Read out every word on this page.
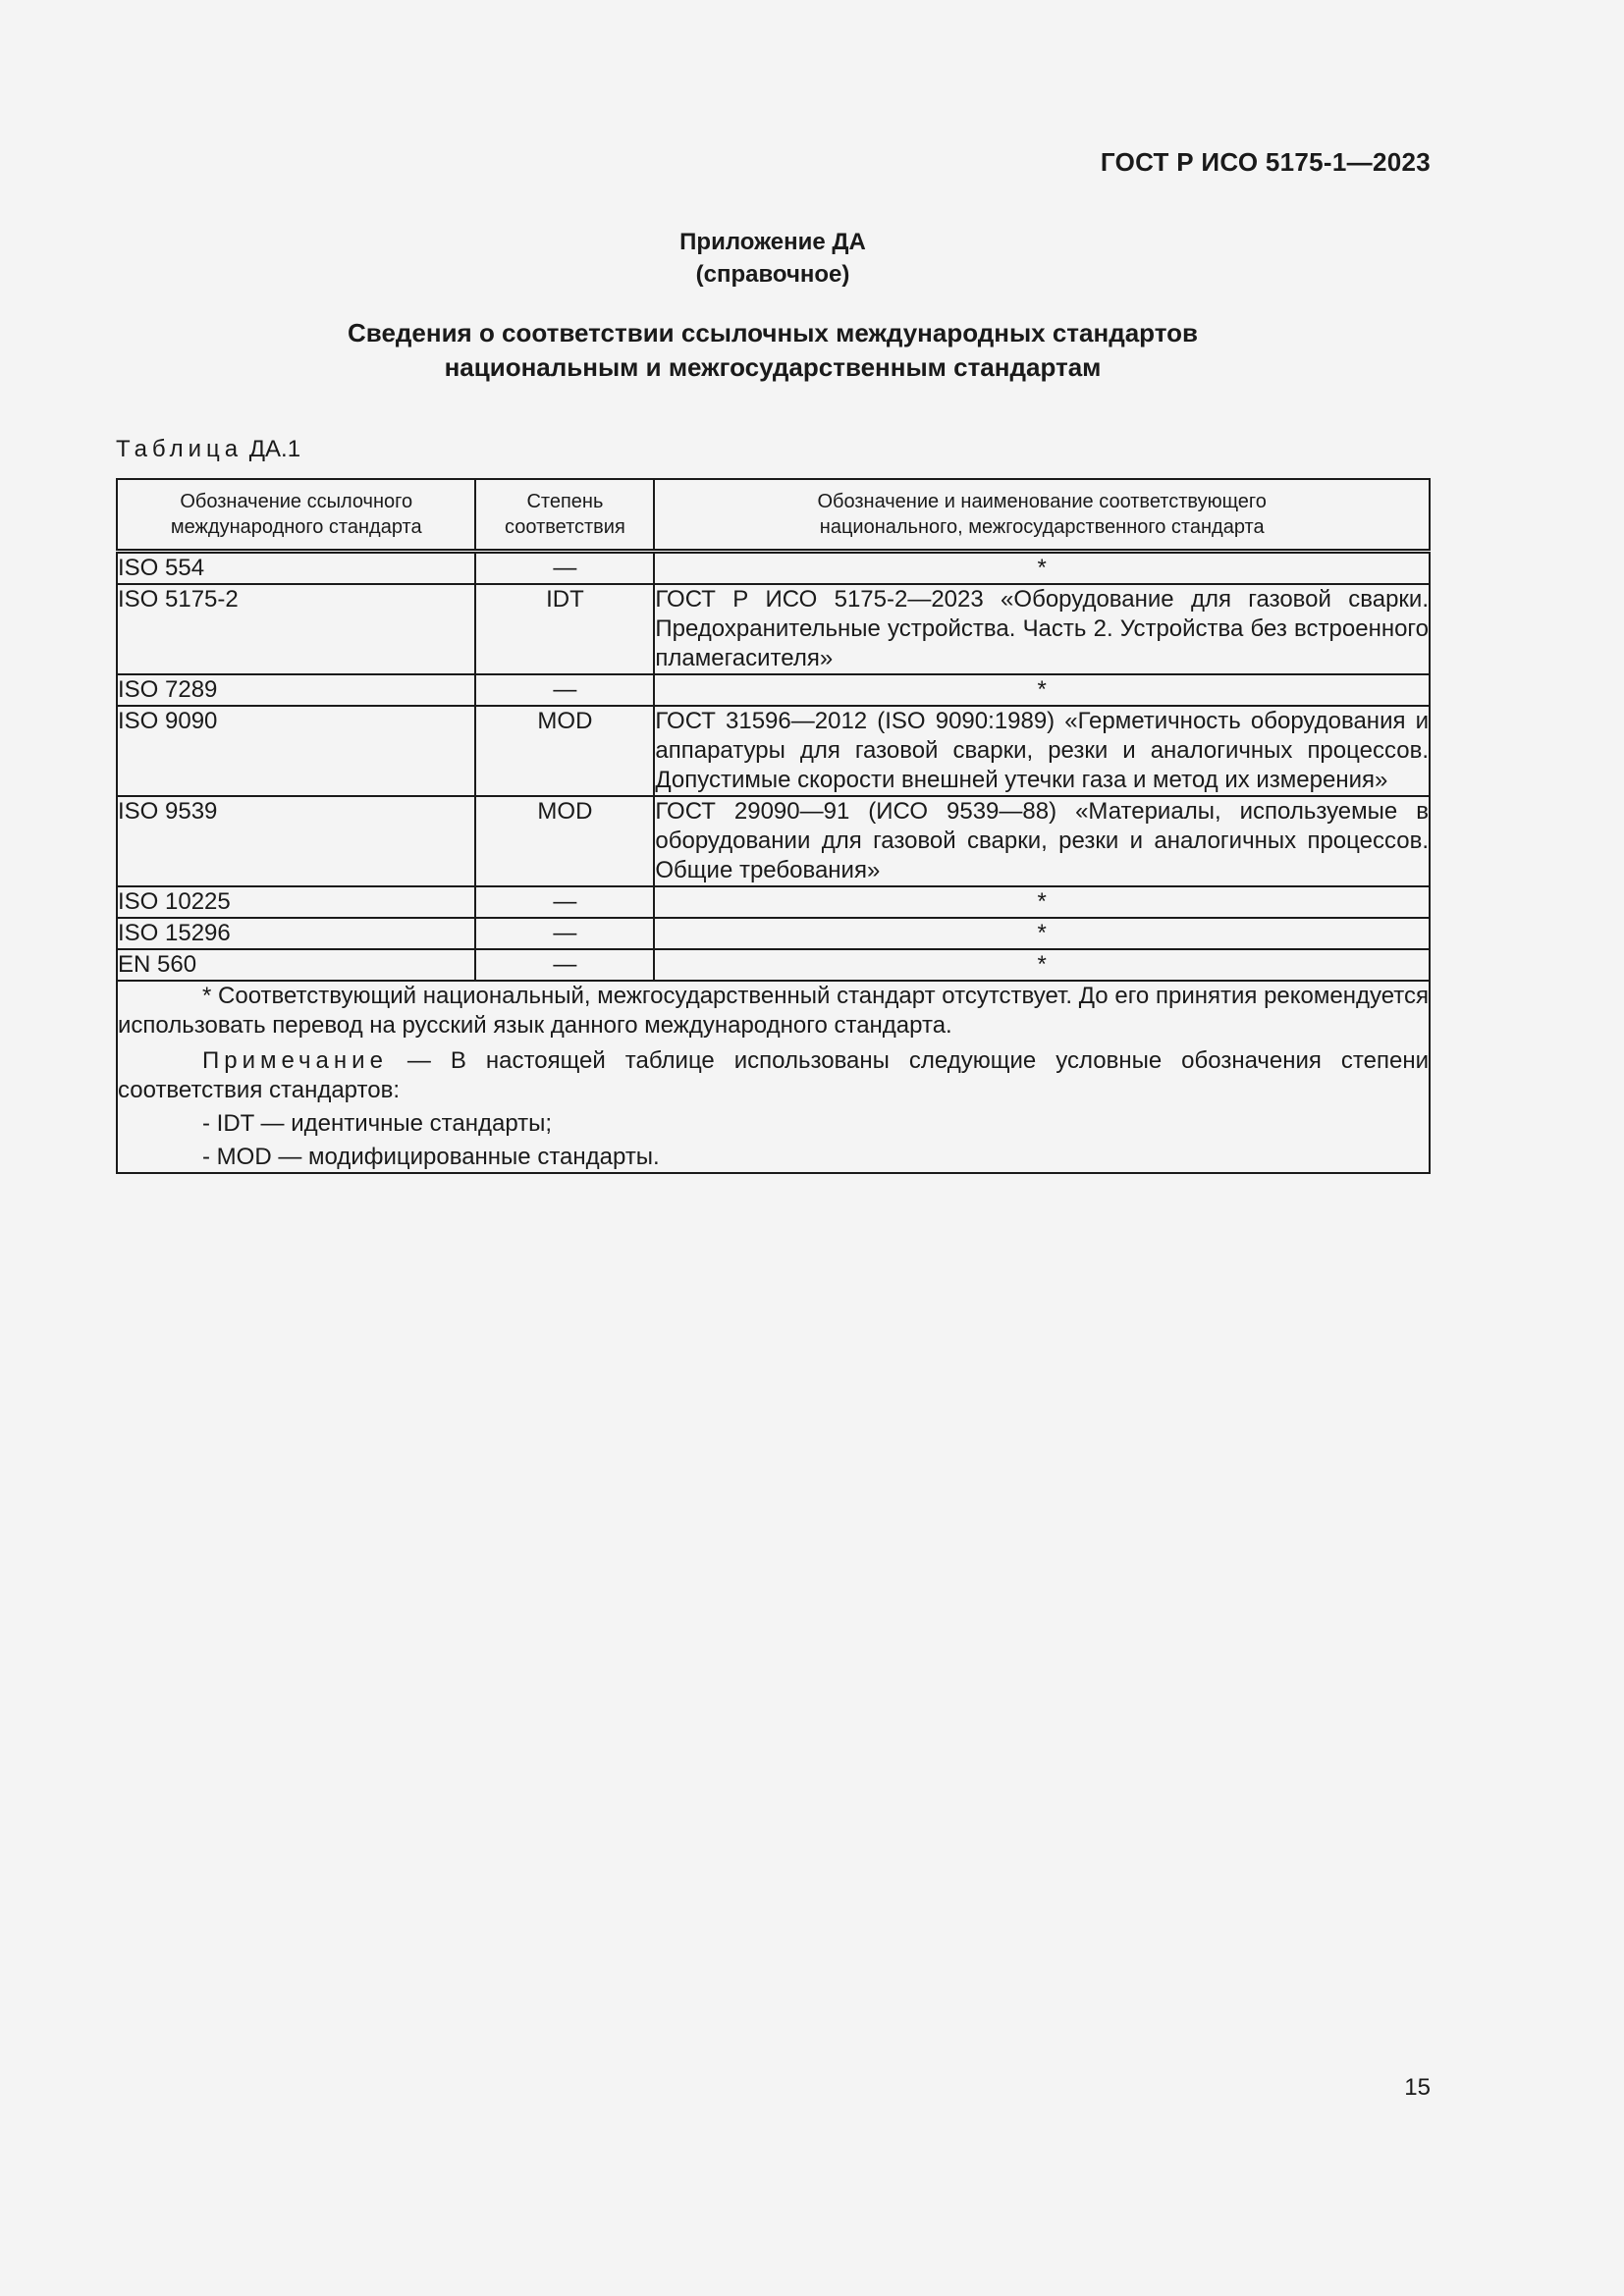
ГОСТ Р ИСО 5175-1—2023
Приложение ДА
(справочное)
Сведения о соответствии ссылочных международных стандартов
национальным и межгосударственным стандартам
Таблица ДА.1
Обозначение ссылочного международного стандарта	Степень соответствия	Обозначение и наименование соответствующего национального, межгосударственного стандарта
ISO 554	—	*
ISO 5175-2	IDT	ГОСТ Р ИСО 5175-2—2023 «Оборудование для газовой сварки. Предохранительные устройства. Часть 2. Устройства без встроенного пламегасителя»
ISO 7289	—	*
ISO 9090	MOD	ГОСТ 31596—2012 (ISO 9090:1989) «Герметичность оборудования и аппаратуры для газовой сварки, резки и аналогичных процессов. Допустимые скорости внешней утечки газа и метод их измерения»
ISO 9539	MOD	ГОСТ 29090—91 (ИСО 9539—88) «Материалы, используемые в оборудовании для газовой сварки, резки и аналогичных процессов. Общие требования»
ISO 10225	—	*
ISO 15296	—	*
EN 560	—	*

* Соответствующий национальный, межгосударственный стандарт отсутствует. До его принятия рекомендуется использовать перевод на русский язык данного международного стандарта.

Примечание — В настоящей таблице использованы следующие условные обозначения степени соответствия стандартов:

- IDT — идентичные стандарты;
- MOD — модифицированные стандарты.		
15
